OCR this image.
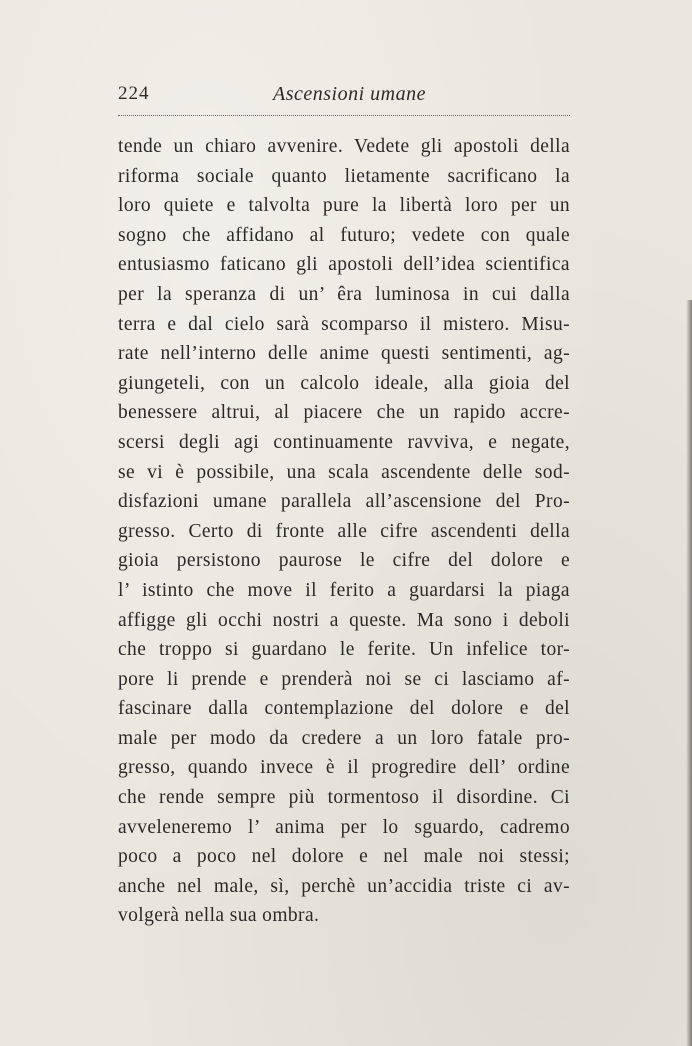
224	Ascensioni umane
tende un chiaro avvenire. Vedete gli apostoli della
riforma sociale quanto lietamente sacrificano la
loro quiete e talvolta pure la libertà loro per un
sogno che affidano al futuro; vedete con quale
entusiasmo faticano gli apostoli dell’idea scientifica
per la speranza di un’ êra luminosa in cui dalla
terra e dal cielo sarà scomparso il mistero. Misu-
rate nell’interno delle anime questi sentimenti, ag-
giungeteli, con un calcolo ideale, alla gioia del
benessere altrui, al piacere che un rapido accre-
scersi degli agi continuamente ravviva, e negate,
se vi è possibile, una scala ascendente delle sod-
disfazioni umane parallela all’ascensione del Pro-
gresso. Certo di fronte alle cifre ascendenti della
gioia persistono paurose le cifre del dolore e
l’ istinto che move il ferito a guardarsi la piaga
affigge gli occhi nostri a queste. Ma sono i deboli
che troppo si guardano le ferite. Un infelice tor-
pore li prende e prenderà noi se ci lasciamo af-
fascinare dalla contemplazione del dolore e del
male per modo da credere a un loro fatale pro-
gresso, quando invece è il progredire dell’ ordine
che rende sempre più tormentoso il disordine. Ci
avveleneremo l’ anima per lo sguardo, cadremo
poco a poco nel dolore e nel male noi stessi;
anche nel male, sì, perchè un’accidia triste ci av-
volgerà nella sua ombra.
